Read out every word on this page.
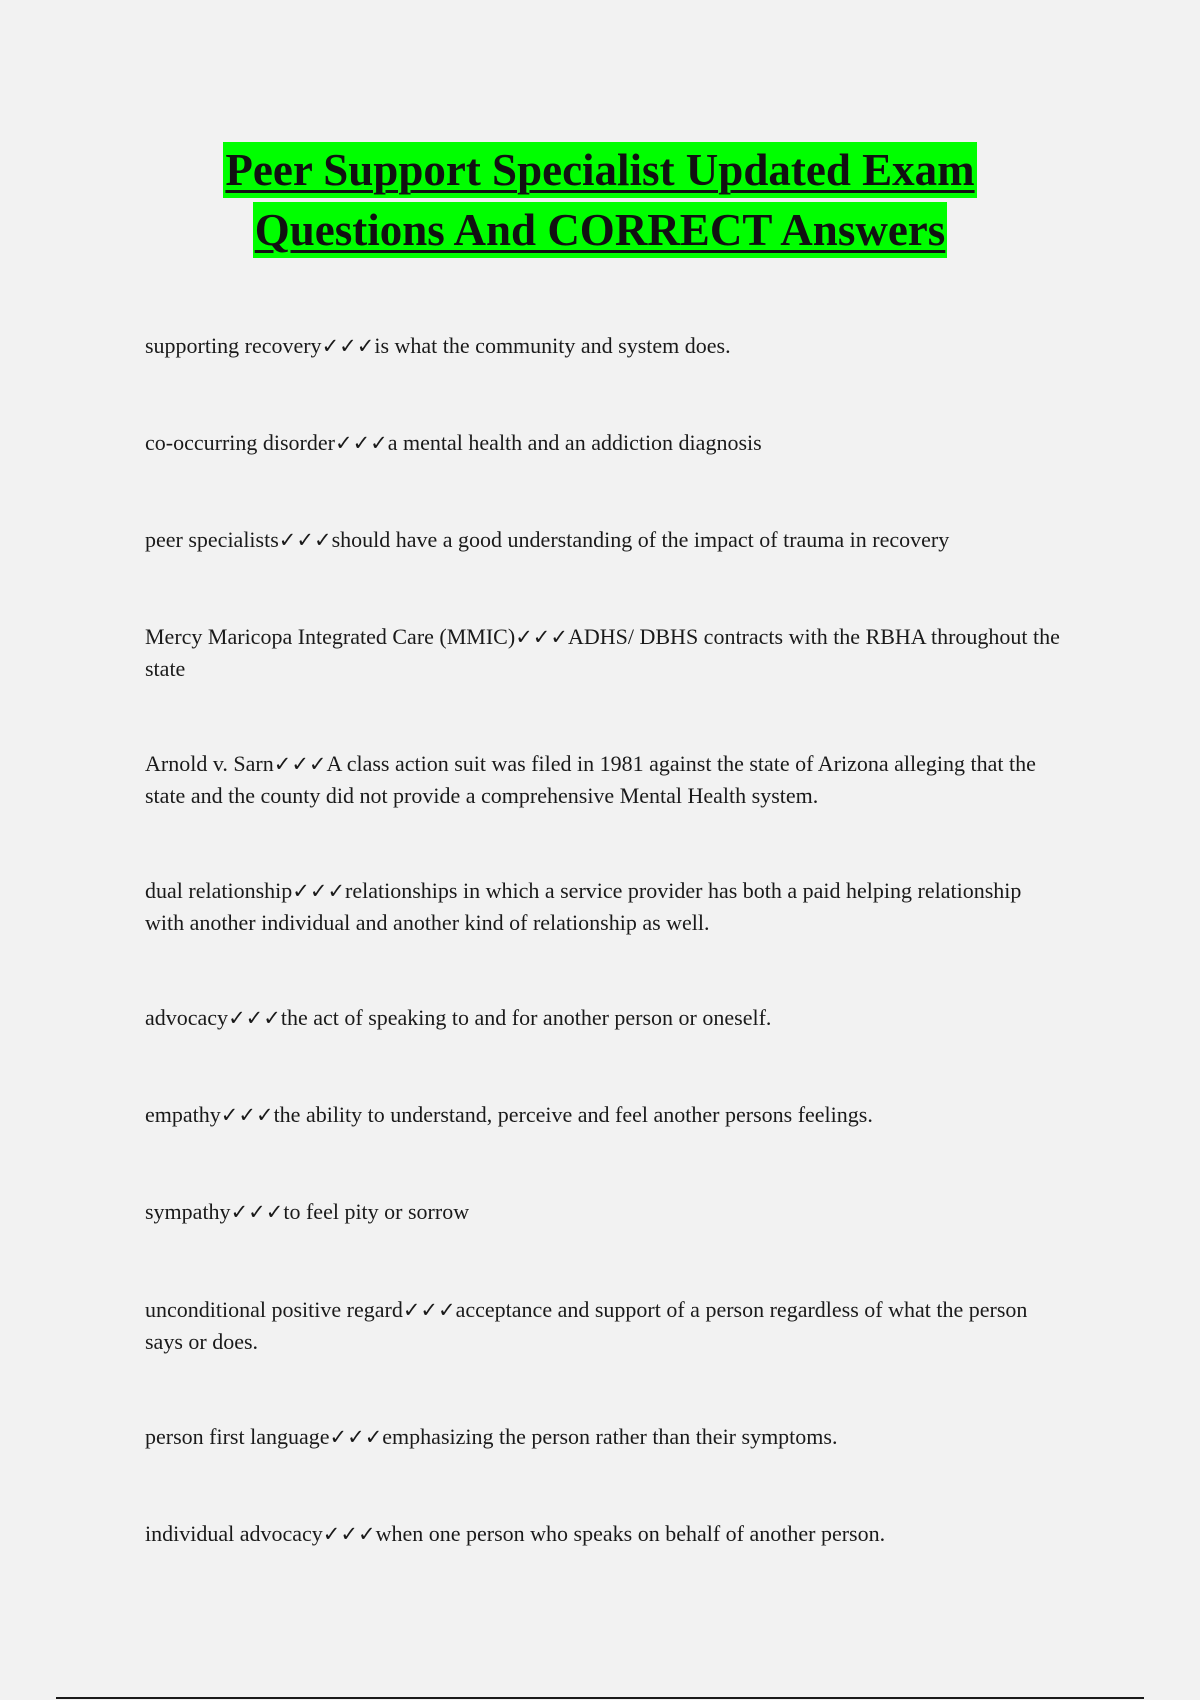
Peer Support Specialist Updated Exam
Questions And CORRECT Answers
supporting recovery✓✓✓is what the community and system does.
co-occurring disorder✓✓✓a mental health and an addiction diagnosis
peer specialists✓✓✓should have a good understanding of the impact of trauma in recovery
Mercy Maricopa Integrated Care (MMIC)✓✓✓ADHS/ DBHS contracts with the RBHA throughout the state
Arnold v. Sarn✓✓✓A class action suit was filed in 1981 against the state of Arizona alleging that the state and the county did not provide a comprehensive Mental Health system.
dual relationship✓✓✓relationships in which a service provider has both a paid helping relationship with another individual and another kind of relationship as well.
advocacy✓✓✓the act of speaking to and for another person or oneself.
empathy✓✓✓the ability to understand, perceive and feel another persons feelings.
sympathy✓✓✓to feel pity or sorrow
unconditional positive regard✓✓✓acceptance and support of a person regardless of what the person says or does.
person first language✓✓✓emphasizing the person rather than their symptoms.
individual advocacy✓✓✓when one person who speaks on behalf of another person.
